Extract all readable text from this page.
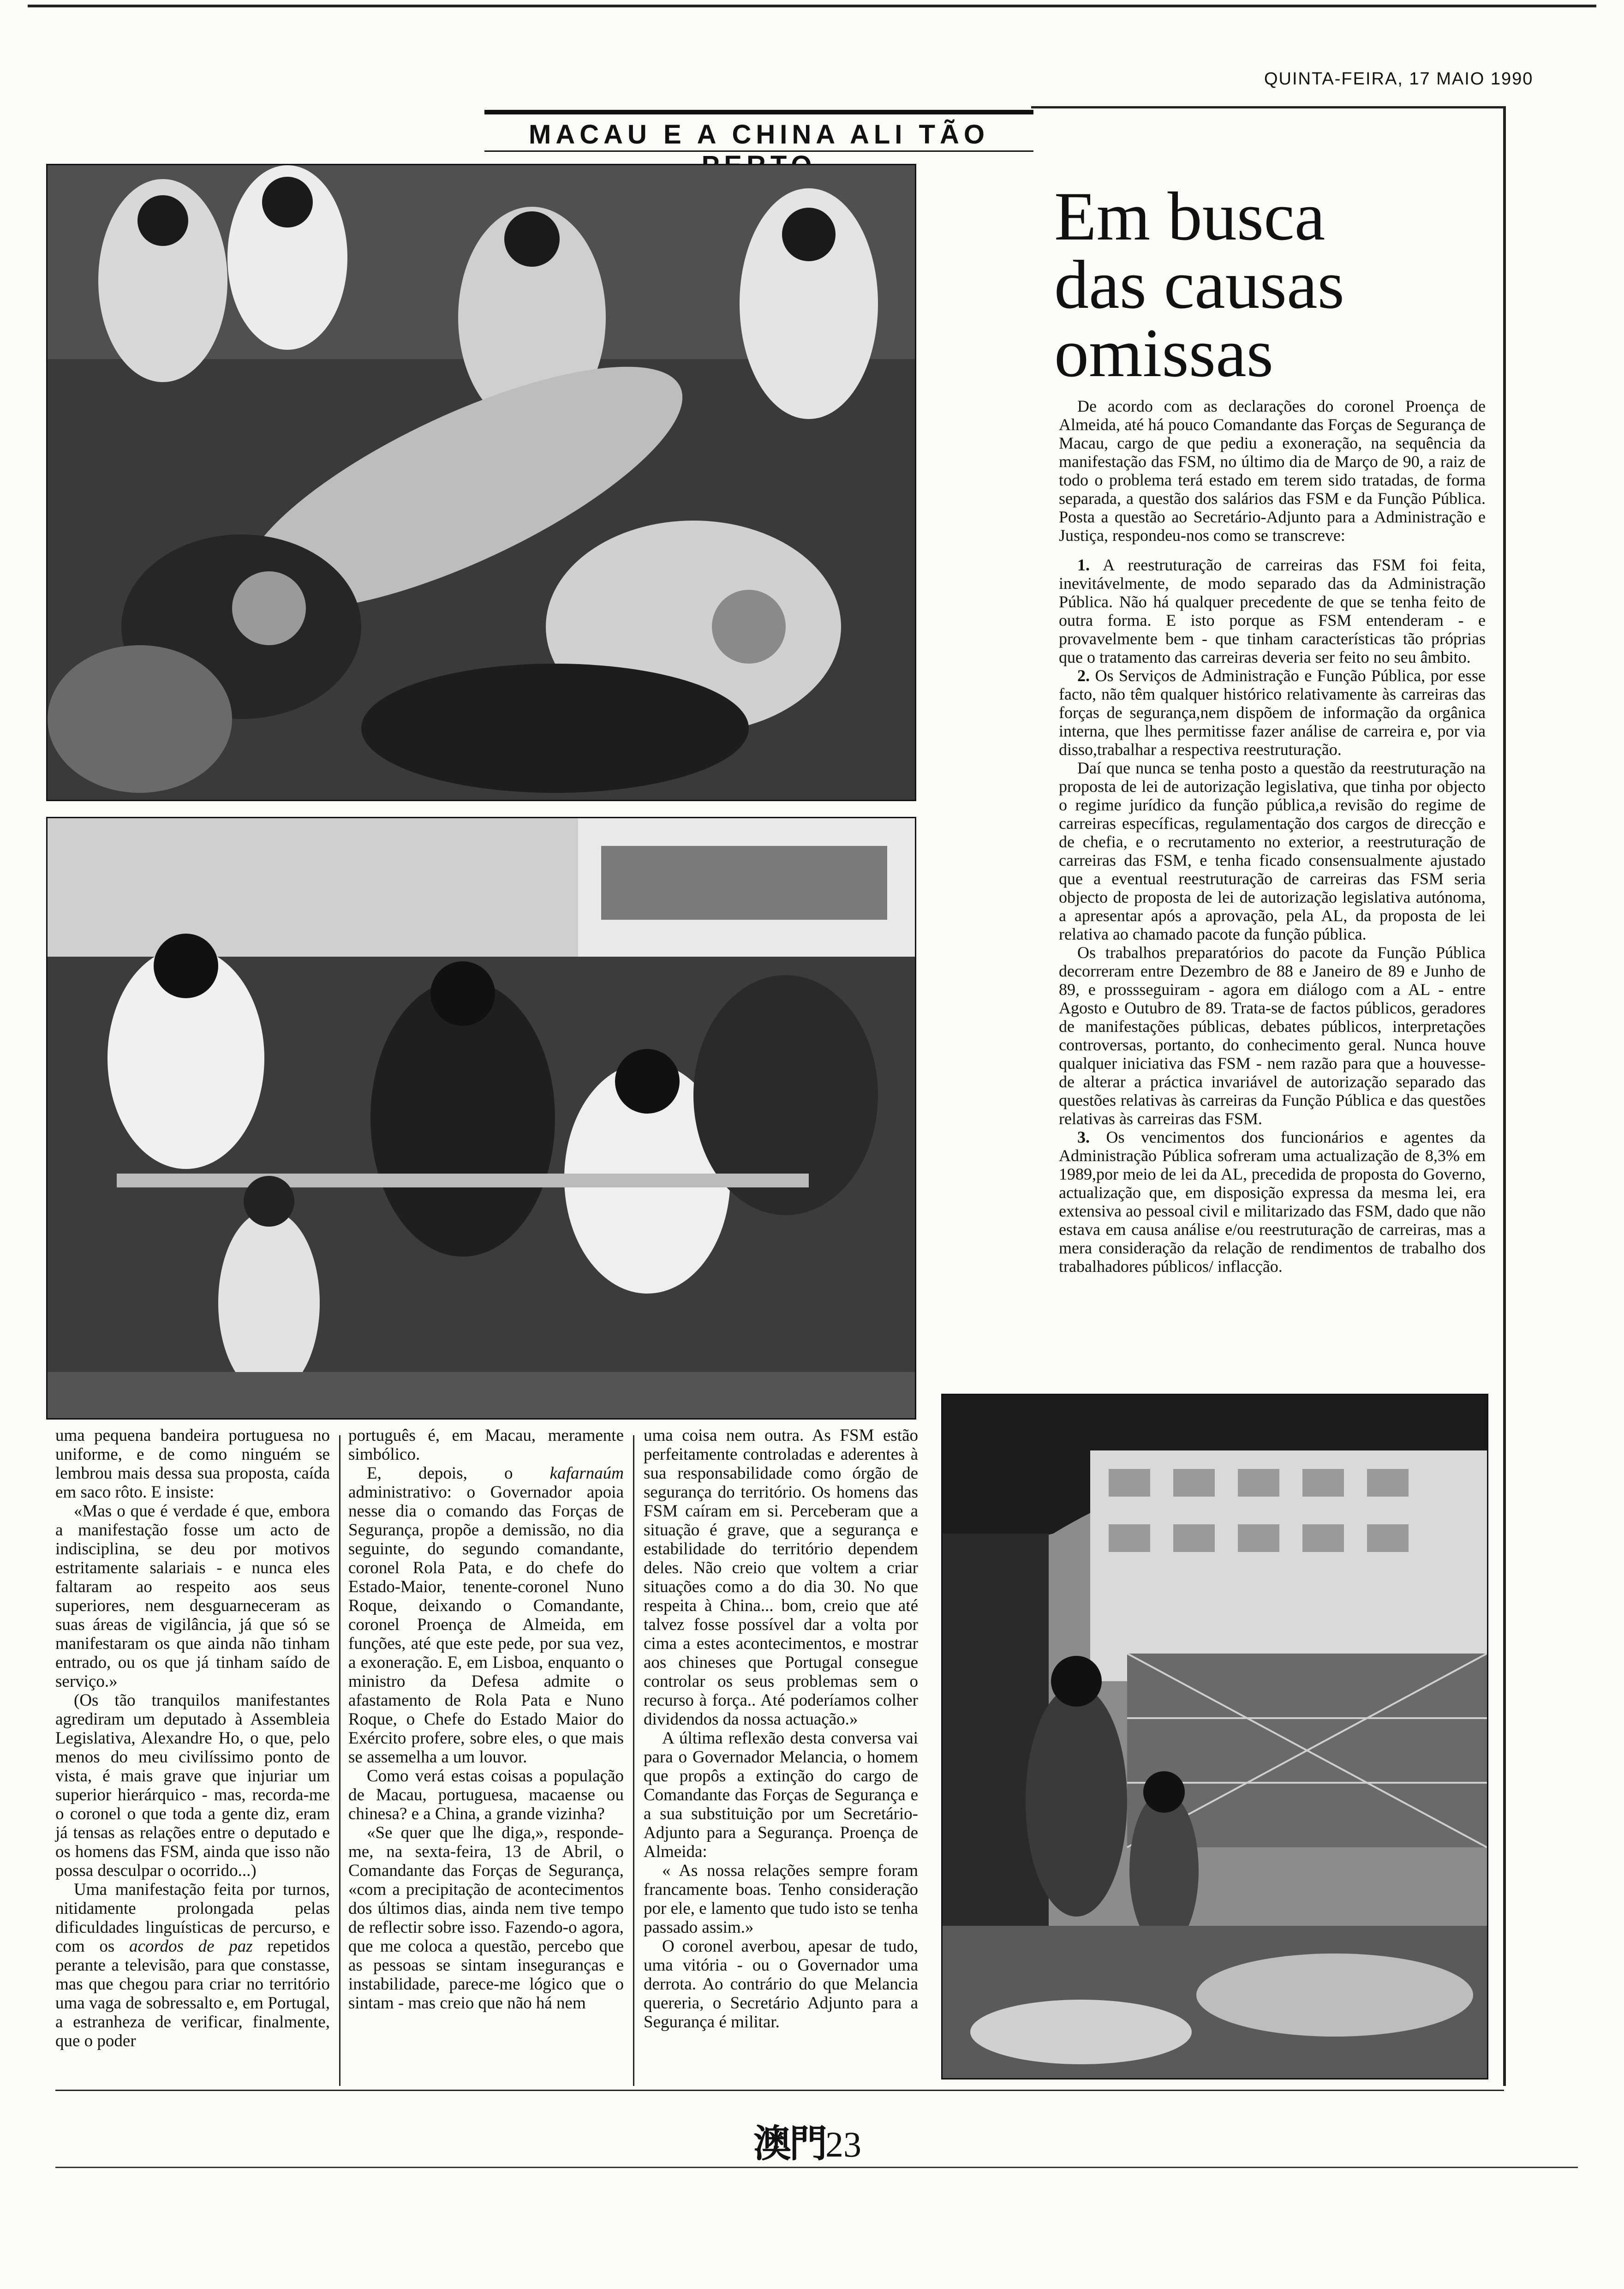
QUINTA-FEIRA, 17 MAIO 1990
MACAU E A CHINA ALI TÃO
Em busca
das causas
omissas

De acordo com as declarações do coronel Proença de Almeida, até há pouco Comandante das Forças de Segurança de Macau, cargo de que pediu a exoneração, na sequência da manifestação das FSM, no último dia de Março de 90, a raiz de todo o problema terá estado em terem sido tratadas, de forma separada, a questão dos salários das FSM e da Função Pública. Posta a questão ao Secretário-Adjunto para a Administração e Justiça, respondeu-nos como se transcreve:

1. A reestruturação de carreiras das FSM foi feita, inevitávelmente, de modo separado das da Administração Pública. Não há qualquer precedente de que se tenha feito de outra forma. E isto porque as FSM entenderam - e provavelmente bem - que tinham características tão próprias que o tratamento das carreiras deveria ser feito no seu âmbito.

2. Os Serviços de Administração e Função Pública, por esse facto, não têm qualquer histórico relativamente às carreiras das forças de segurança,nem dispõem de informação da orgânica interna, que lhes permitisse fazer análise de carreira e, por via disso,trabalhar a respectiva reestruturação.

Daí que nunca se tenha posto a questão da reestruturação na proposta de lei de autorização legislativa, que tinha por objecto o regime jurídico da função pública,a revisão do regime de carreiras específicas, regulamentação dos cargos de direcção e de chefia, e o recrutamento no exterior, a reestruturação de carreiras das FSM, e tenha ficado consensualmente ajustado que a eventual reestruturação de carreiras das FSM seria objecto de proposta de lei de autorização legislativa autónoma, a apresentar após a aprovação, pela AL, da proposta de lei relativa ao chamado pacote da função pública.

Os trabalhos preparatórios do pacote da Função Pública decorreram entre Dezembro de 88 e Janeiro de 89 e Junho de 89, e prossseguiram - agora em diálogo com a AL - entre Agosto e Outubro de 89. Trata-se de factos públicos, geradores de manifestações públicas, debates públicos, interpretações controversas, portanto, do conhecimento geral. Nunca houve qualquer iniciativa das FSM - nem razão para que a houvesse-de alterar a práctica invariável de autorização separado das questões relativas às carreiras da Função Pública e das questões relativas às carreiras das FSM.

3. Os vencimentos dos funcionários e agentes da Administração Pública sofreram uma actualização de 8,3% em 1989,por meio de lei da AL, precedida de proposta do Governo, actualização que, em disposição expressa da mesma lei, era extensiva ao pessoal civil e militarizado das FSM, dado que não estava em causa análise e/ou reestruturação de carreiras, mas a mera consideração da relação de rendimentos de trabalho dos trabalhadores públicos/ inflacção.

uma pequena bandeira portuguesa no uniforme, e de como ninguém se lembrou mais dessa sua proposta, caída em saco rôto. E insiste:

«Mas o que é verdade é que, embora a manifestação fosse um acto de indisciplina, se deu por motivos estritamente salariais - e nunca eles faltaram ao respeito aos seus superiores, nem desguarneceram as suas áreas de vigilância, já que só se manifestaram os que ainda não tinham entrado, ou os que já tinham saído de serviço.»

(Os tão tranquilos manifestantes agrediram um deputado à Assembleia Legislativa, Alexandre Ho, o que, pelo menos do meu civilíssimo ponto de vista, é mais grave que injuriar um superior hierárquico - mas, recorda-me o coronel o que toda a gente diz, eram já tensas as relações entre o deputado e os homens das FSM, ainda que isso não possa desculpar o ocorrido...)

Uma manifestação feita por turnos, nitidamente prolongada pelas dificuldades linguísticas de percurso, e com os acordos de paz repetidos perante a televisão, para que constasse, mas que chegou para criar no território uma vaga de sobressalto e, em Portugal, a estranheza de verificar, finalmente, que o poder

português é, em Macau, meramente simbólico.

E, depois, o kafarnaúm administrativo: o Governador apoia nesse dia o comando das Forças de Segurança, propõe a demissão, no dia seguinte, do segundo comandante, coronel Rola Pata, e do chefe do Estado-Maior, tenente-coronel Nuno Roque, deixando o Comandante, coronel Proença de Almeida, em funções, até que este pede, por sua vez, a exoneração. E, em Lisboa, enquanto o ministro da Defesa admite o afastamento de Rola Pata e Nuno Roque, o Chefe do Estado Maior do Exército profere, sobre eles, o que mais se assemelha a um louvor.

Como verá estas coisas a população de Macau, portuguesa, macaense ou chinesa? e a China, a grande vizinha?

«Se quer que lhe diga,», responde-me, na sexta-feira, 13 de Abril, o Comandante das Forças de Segurança, «com a precipitação de acontecimentos dos últimos dias, ainda nem tive tempo de reflectir sobre isso. Fazendo-o agora, que me coloca a questão, percebo que as pessoas se sintam inseguranças e instabilidade, parece-me lógico que o sintam - mas creio que não há nem

uma coisa nem outra. As FSM estão perfeitamente controladas e aderentes à sua responsabilidade como órgão de segurança do território. Os homens das FSM caíram em si. Perceberam que a situação é grave, que a segurança e estabilidade do território dependem deles. Não creio que voltem a criar situações como a do dia 30. No que respeita à China... bom, creio que até talvez fosse possível dar a volta por cima a estes acontecimentos, e mostrar aos chineses que Portugal consegue controlar os seus problemas sem o recurso à força.. Até poderíamos colher dividendos da nossa actuação.»

A última reflexão desta conversa vai para o Governador Melancia, o homem que propôs a extinção do cargo de Comandante das Forças de Segurança e a sua substituição por um Secretário-Adjunto para a Segurança. Proença de Almeida:

« As nossa relações sempre foram francamente boas. Tenho consideração por ele, e lamento que tudo isto se tenha passado assim.»

O coronel averbou, apesar de tudo, uma vitória - ou o Governador uma derrota. Ao contrário do que Melancia quereria, o Secretário Adjunto para a Segurança é militar.

澳門23
